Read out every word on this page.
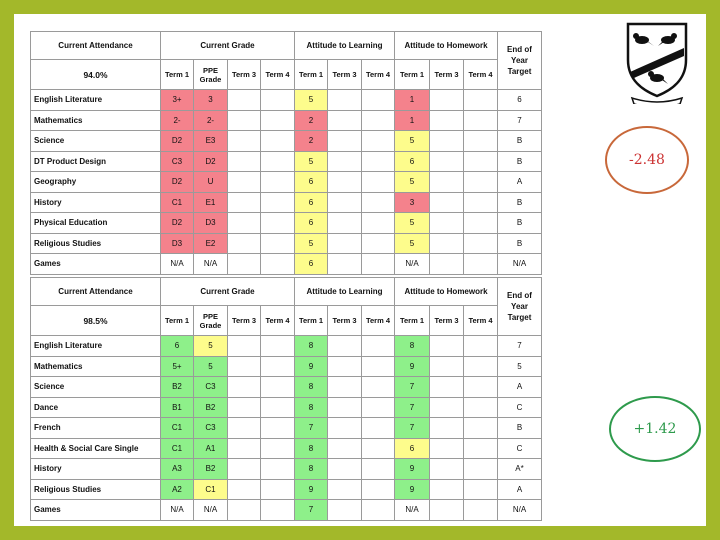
Current Attendance	Current Grade				Attitude to Learning			Attitude to Homework			End of Year Target
94.0%	Term 1	PPE Grade	Term 3	Term 4	Term 1	Term 3	Term 4	Term 1	Term 3	Term 4	
English Literature	3+	3			5			1			6
Mathematics	2-	2-			2			1			7
Science	D2	E3			2			5			B
DT Product Design	C3	D2			5			6			B
Geography	D2	U			6			5			A
History	C1	E1			6			3			B
Physical Education	D2	D3			6			5			B
Religious Studies	D3	E2			5			5			B
Games	N/A	N/A			6			N/A			N/A
Current Attendance	Current Grade				Attitude to Learning			Attitude to Homework			End of Year Target
98.5%	Term 1	PPE Grade	Term 3	Term 4	Term 1	Term 3	Term 4	Term 1	Term 3	Term 4	
English Literature	6	5			8			8			7
Mathematics	5+	5			9			9			5
Science	B2	C3			8			7			A
Dance	B1	B2			8			7			C
French	C1	C3			7			7			B
Health & Social Care Single	C1	A1			8			6			C
History	A3	B2			8			9			A*
Religious Studies	A2	C1			9			9			A
Games	N/A	N/A			7			N/A			N/A
-2.48
+1.42
